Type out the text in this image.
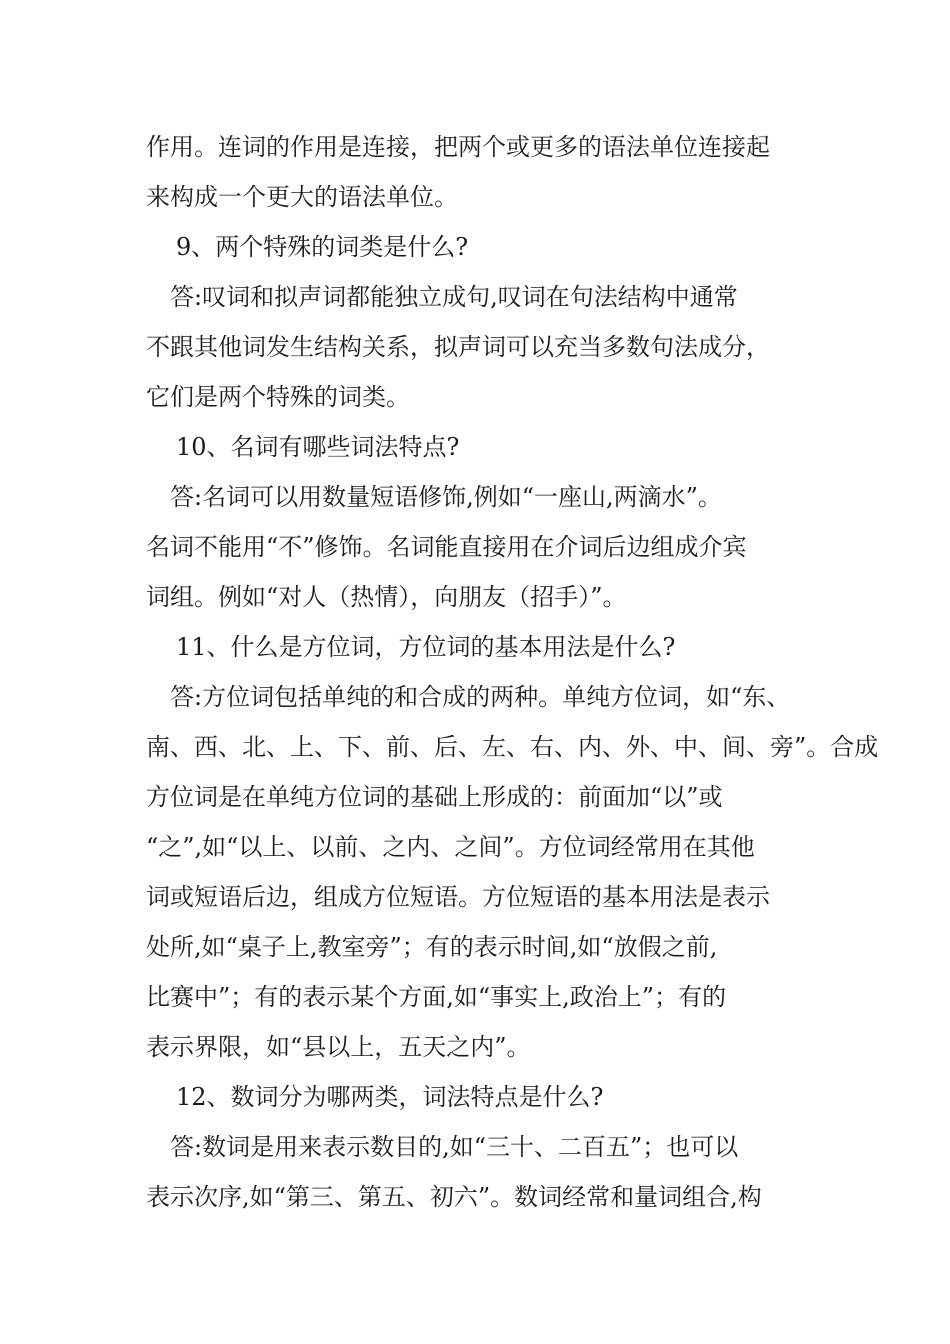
作用。连词的作用是连接，把两个或更多的语法单位连接起
来构成一个更大的语法单位。
9、两个特殊的词类是什么?
答:叹词和拟声词都能独立成句,叹词在句法结构中通常
不跟其他词发生结构关系，拟声词可以充当多数句法成分，
它们是两个特殊的词类。
10、名词有哪些词法特点?
答:名词可以用数量短语修饰,例如“一座山,两滴水”。
名词不能用“不”修饰。名词能直接用在介词后边组成介宾
词组。例如“对人（热情），向朋友（招手）”。
11、什么是方位词，方位词的基本用法是什么?
答:方位词包括单纯的和合成的两种。单纯方位词，如“东、
南、西、北、上、下、前、后、左、右、内、外、中、间、旁”。合成
方位词是在单纯方位词的基础上形成的：前面加“以”或
“之”,如“以上、以前、之内、之间”。方位词经常用在其他
词或短语后边，组成方位短语。方位短语的基本用法是表示
处所,如“桌子上,教室旁”；有的表示时间,如“放假之前,
比赛中”；有的表示某个方面,如“事实上,政治上”；有的
表示界限，如“县以上，五天之内”。
12、数词分为哪两类，词法特点是什么?
答:数词是用来表示数目的,如“三十、二百五”；也可以
表示次序,如“第三、第五、初六”。数词经常和量词组合,构
